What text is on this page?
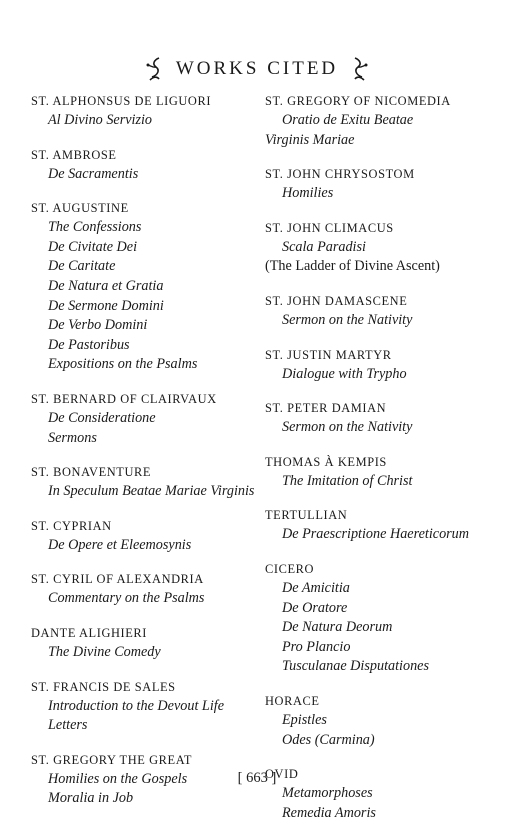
WORKS CITED
ST. ALPHONSUS DE LIGUORI
Al Divino Servizio
ST. AMBROSE
De Sacramentis
ST. AUGUSTINE
The Confessions
De Civitate Dei
De Caritate
De Natura et Gratia
De Sermone Domini
De Verbo Domini
De Pastoribus
Expositions on the Psalms
ST. BERNARD OF CLAIRVAUX
De Consideratione
Sermons
ST. BONAVENTURE
In Speculum Beatae Mariae Virginis
ST. CYPRIAN
De Opere et Eleemosynis
ST. CYRIL OF ALEXANDRIA
Commentary on the Psalms
DANTE ALIGHIERI
The Divine Comedy
ST. FRANCIS DE SALES
Introduction to the Devout Life
Letters
ST. GREGORY THE GREAT
Homilies on the Gospels
Moralia in Job
ST. GREGORY OF NICOMEDIA
Oratio de Exitu Beatae
Virginis Mariae
ST. JOHN CHRYSOSTOM
Homilies
ST. JOHN CLIMACUS
Scala Paradisi
(The Ladder of Divine Ascent)
ST. JOHN DAMASCENE
Sermon on the Nativity
ST. JUSTIN MARTYR
Dialogue with Trypho
ST. PETER DAMIAN
Sermon on the Nativity
THOMAS À KEMPIS
The Imitation of Christ
TERTULLIAN
De Praescriptione Haereticorum
CICERO
De Amicitia
De Oratore
De Natura Deorum
Pro Plancio
Tusculanae Disputationes
HORACE
Epistles
Odes (Carmina)
OVID
Metamorphoses
Remedia Amoris
[ 663 ]
